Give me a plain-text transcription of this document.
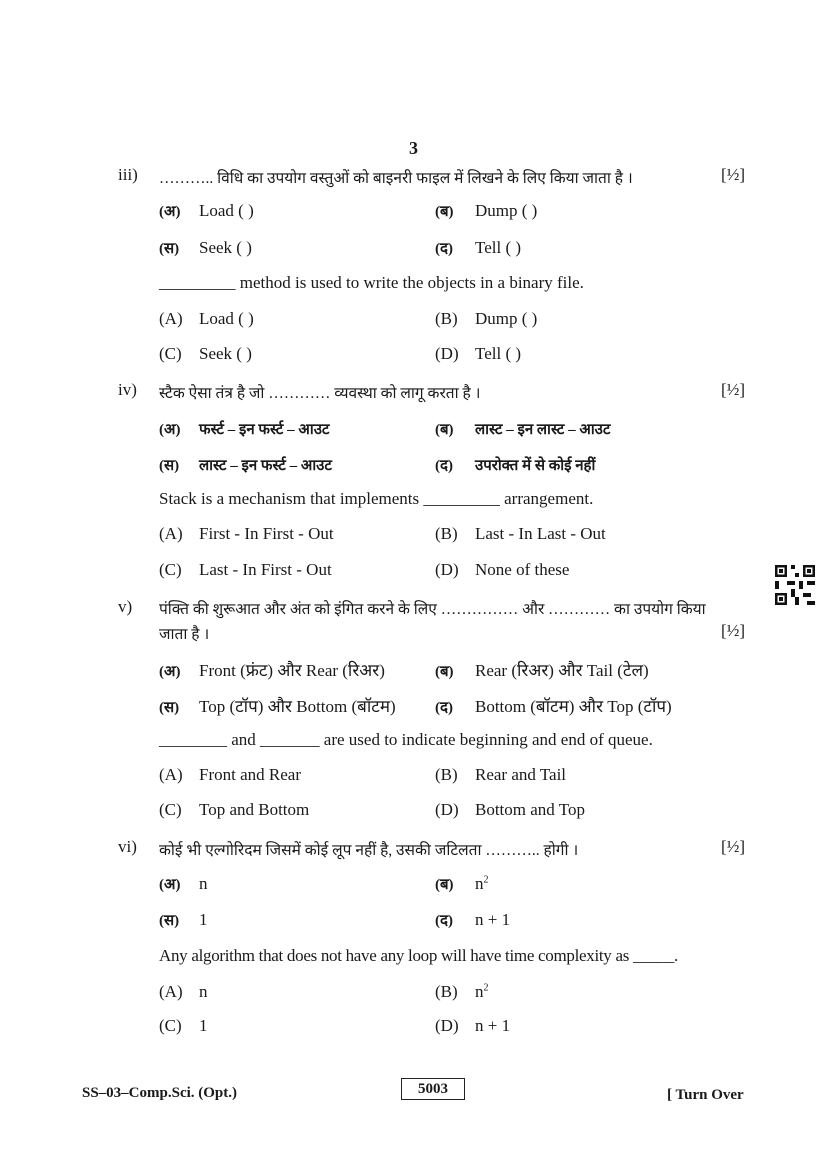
3
iii) ……….. विधि का उपयोग वस्तुओं को बाइनरी फाइल में लिखने के लिए किया जाता है ।	[½]
(अ) Load ( )	(ब) Dump ( )
(स) Seek ( )	(द) Tell ( )
_________ method is used to write the objects in a binary file.
(A) Load ( )	(B) Dump ( )
(C) Seek ( )	(D) Tell ( )
iv) स्टैक ऐसा तंत्र है जो ………… व्यवस्था को लागू करता है ।	[½]
(अ) फर्स्ट – इन फर्स्ट – आउट	(ब) लास्ट – इन लास्ट – आउट
(स) लास्ट – इन फर्स्ट – आउट	(द) उपरोक्त में से कोई नहीं
Stack is a mechanism that implements _________ arrangement.
(A) First - In First - Out	(B) Last - In Last - Out
(C) Last - In First - Out	(D) None of these
v) पंक्ति की शुरूआत और अंत को इंगित करने के लिए …………… और ………… का उपयोग किया
जाता है ।	[½]
(अ) Front (फ्रंट) और Rear (रिअर)	(ब) Rear (रिअर) और Tail (टेल)
(स) Top (टॉप) और Bottom (बॉटम)	(द) Bottom (बॉटम) और Top (टॉप)
________ and _______ are used to indicate beginning and end of queue.
(A) Front and Rear	(B) Rear and Tail
(C) Top and Bottom	(D) Bottom and Top
vi) कोई भी एल्गोरिदम जिसमें कोई लूप नहीं है, उसकी जटिलता ……….. होगी ।	[½]
(अ) n	(ब) $n^2$
(स) 1	(द) n + 1
Any algorithm that does not have any loop will have time complexity as _____.
(A) n	(B) $n^2$
(C) 1	(D) n + 1
SS–03–Comp.Sci. (Opt.)	5003	[ Turn Over
